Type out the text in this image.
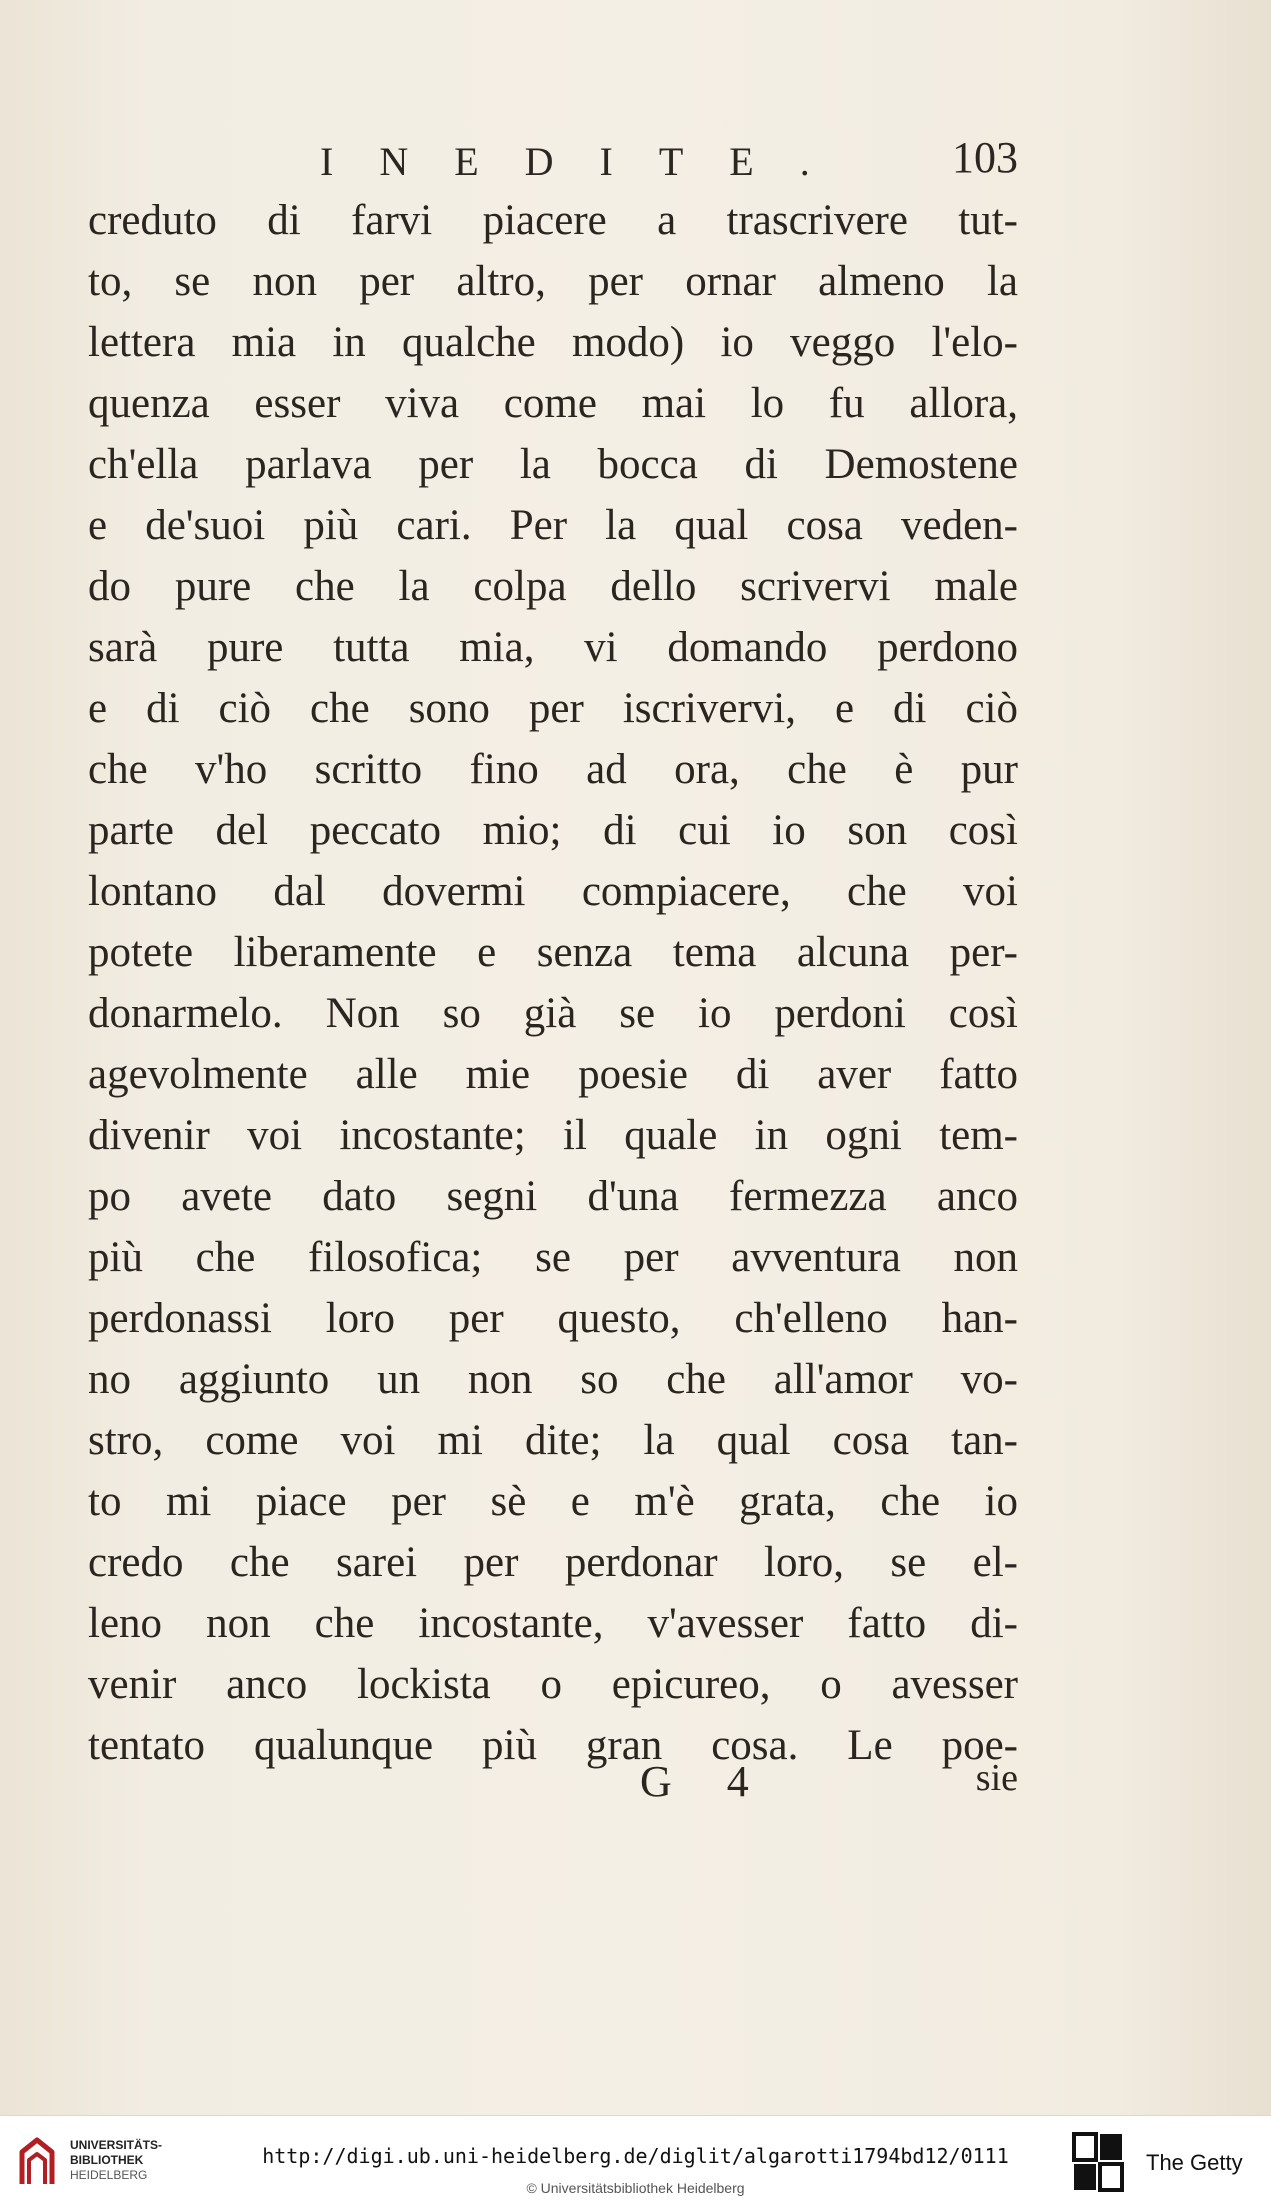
INEDITE. 103
creduto di farvi piacere a trascrivere tut-
to, se non per altro, per ornar almeno la
lettera mia in qualche modo) io veggo l'elo-
quenza esser viva come mai lo fu allora,
ch'ella parlava per la bocca di Demostene
e de'suoi più cari. Per la qual cosa veden-
do pure che la colpa dello scrivervi male
sarà pure tutta mia, vi domando perdono
e di ciò che sono per iscrivervi, e di ciò
che v'ho scritto fino ad ora, che è pur
parte del peccato mio; di cui io son così
lontano dal dovermi compiacere, che voi
potete liberamente e senza tema alcuna per-
donarmelo. Non so già se io perdoni così
agevolmente alle mie poesie di aver fatto
divenir voi incostante; il quale in ogni tem-
po avete dato segni d'una fermezza anco
più che filosofica; se per avventura non
perdonassi loro per questo, ch'elleno han-
no aggiunto un non so che all'amor vo-
stro, come voi mi dite; la qual cosa tan-
to mi piace per sè e m'è grata, che io
credo che sarei per perdonar loro, se el-
leno non che incostante, v'avesser fatto di-
venir anco lockista o epicureo, o avesser
tentato qualunque più gran cosa. Le poe-
G 4	sie
UNIVERSITÄTS-
BIBLIOTHEK
HEIDELBERG
http://digi.ub.uni-heidelberg.de/diglit/algarotti1794bd12/0111
© Universitätsbibliothek Heidelberg
The Getty
